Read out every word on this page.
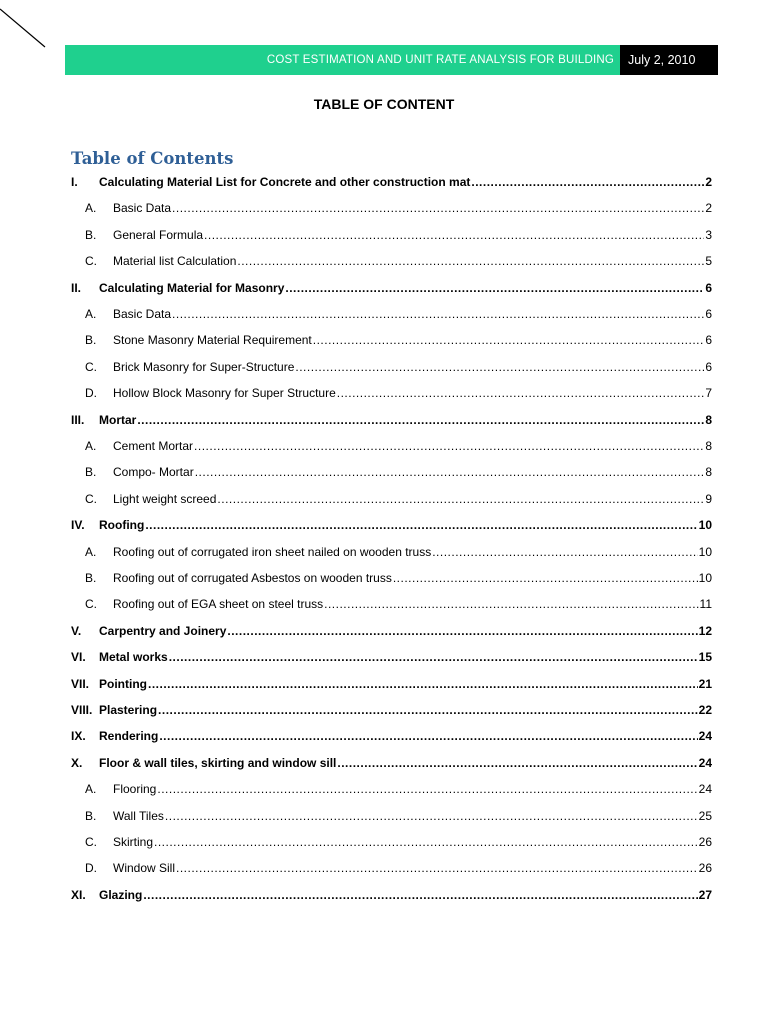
COST ESTIMATION AND UNIT RATE ANALYSIS FOR BUILDING	July 2, 2010
TABLE OF CONTENT
Table of Contents
I.	Calculating Material List for Concrete and other construction mat .....	2
A.	Basic Data .....	2
B.	General Formula .....	3
C.	Material list Calculation .....	5
II.	Calculating Material for Masonry .....	6
A.	Basic Data .....	6
B.	Stone Masonry Material Requirement .....	6
C.	Brick Masonry for Super-Structure .....	6
D.	Hollow Block Masonry for Super Structure .....	7
III.	Mortar .....	8
A.	Cement Mortar .....	8
B.	Compo- Mortar .....	8
C.	Light weight screed .....	9
IV.	Roofing .....	10
A.	Roofing out of corrugated iron sheet nailed on wooden truss .....	10
B.	Roofing out of corrugated Asbestos on wooden truss .....	10
C.	Roofing out of EGA sheet on steel truss .....	11
V.	Carpentry and Joinery .....	12
VI.	Metal works .....	15
VII. Pointing .....	21
VIII. Plastering .....	22
IX.	Rendering .....	24
X.	Floor & wall tiles, skirting and window sill .....	24
A.	Flooring .....	24
B.	Wall Tiles .....	25
C.	Skirting .....	26
D.	Window Sill .....	26
XI.	Glazing .....	27
